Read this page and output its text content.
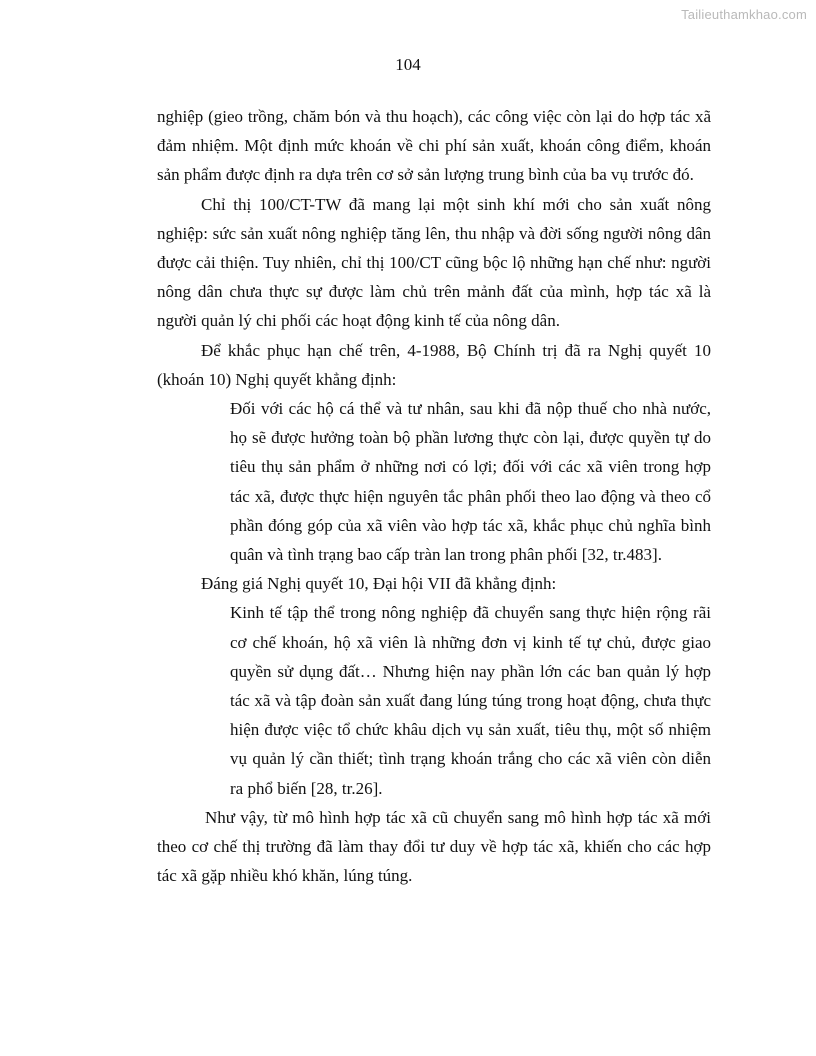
Tailieuthamkhao.com
104

nghiệp (gieo trồng, chăm bón và thu hoạch), các công việc còn lại do hợp tác xã đảm nhiệm. Một định mức khoán về chi phí sản xuất, khoán công điểm, khoán sản phẩm được định ra dựa trên cơ sở sản lượng trung bình của ba vụ trước đó.

Chỉ thị 100/CT-TW đã mang lại một sinh khí mới cho sản xuất nông nghiệp: sức sản xuất nông nghiệp tăng lên, thu nhập và đời sống người nông dân được cải thiện. Tuy nhiên, chỉ thị 100/CT cũng bộc lộ những hạn chế như: người nông dân chưa thực sự được làm chủ trên mảnh đất của mình, hợp tác xã là người quản lý chi phối các hoạt động kinh tế của nông dân.

Để khắc phục hạn chế trên, 4-1988, Bộ Chính trị đã ra Nghị quyết 10 (khoán 10) Nghị quyết khẳng định:

Đối với các hộ cá thể và tư nhân, sau khi đã nộp thuế cho nhà nước, họ sẽ được hưởng toàn bộ phần lương thực còn lại, được quyền tự do tiêu thụ sản phẩm ở những nơi có lợi; đối với các xã viên trong hợp tác xã, được thực hiện nguyên tắc phân phối theo lao động và theo cổ phần đóng góp của xã viên vào hợp tác xã, khắc phục chủ nghĩa bình quân và tình trạng bao cấp tràn lan trong phân phối [32, tr.483].

Đáng giá Nghị quyết 10, Đại hội VII đã khẳng định:

Kinh tế tập thể trong nông nghiệp đã chuyển sang thực hiện rộng rãi cơ chế khoán, hộ xã viên là những đơn vị kinh tế tự chủ, được giao quyền sử dụng đất… Nhưng hiện nay phần lớn các ban quản lý hợp tác xã và tập đoàn sản xuất đang lúng túng trong hoạt động, chưa thực hiện được việc tổ chức khâu dịch vụ sản xuất, tiêu thụ, một số nhiệm vụ quản lý cần thiết; tình trạng khoán trắng cho các xã viên còn diễn ra phổ biến [28, tr.26].

Như vậy, từ mô hình hợp tác xã cũ chuyển sang mô hình hợp tác xã mới theo cơ chế thị trường đã làm thay đổi tư duy về hợp tác xã, khiến cho các hợp tác xã gặp nhiều khó khăn, lúng túng.
